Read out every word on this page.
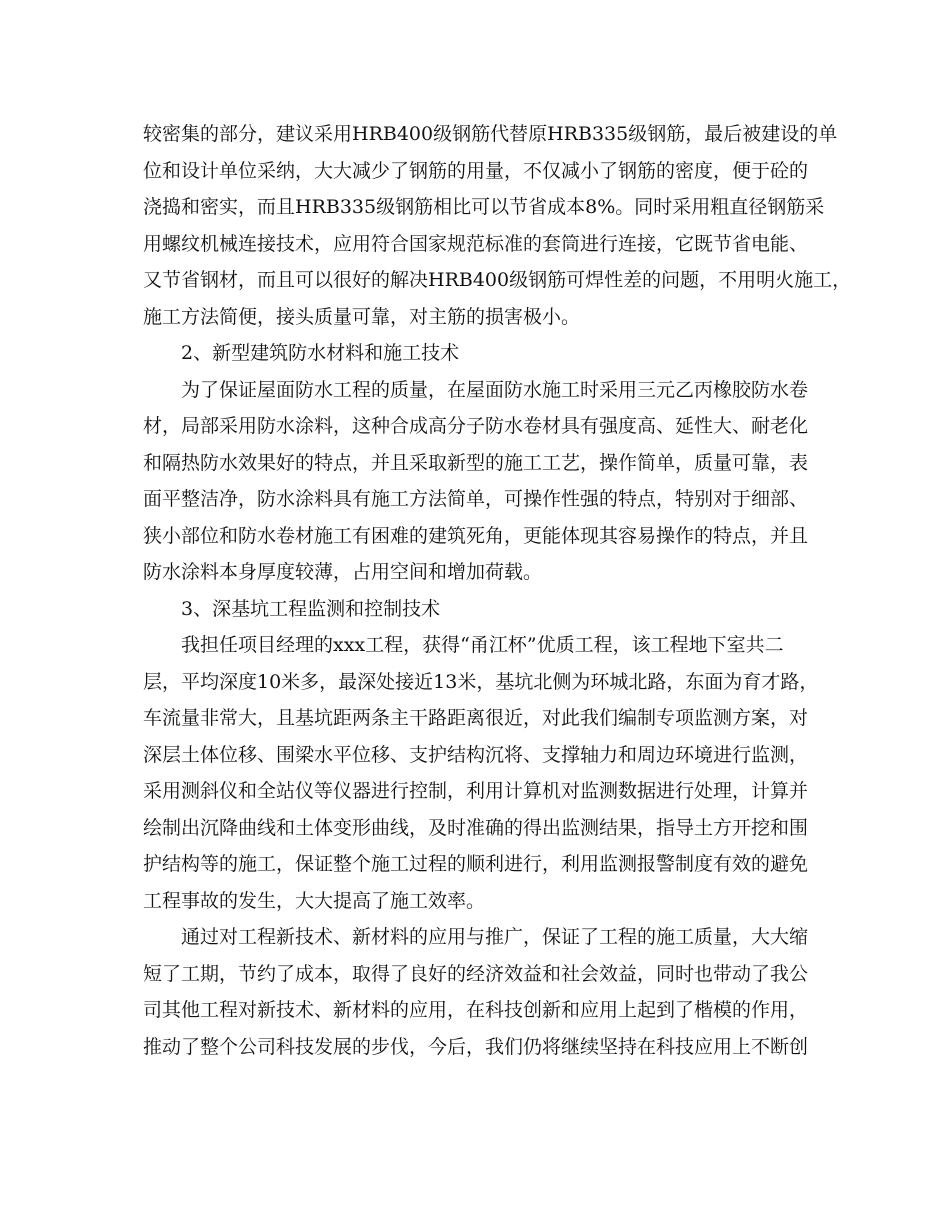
较密集的部分，建议采用HRB400级钢筋代替原HRB335级钢筋，最后被建设的单
位和设计单位采纳，大大减少了钢筋的用量，不仅减小了钢筋的密度，便于砼的
浇捣和密实，而且HRB335级钢筋相比可以节省成本8%。同时采用粗直径钢筋采
用螺纹机械连接技术，应用符合国家规范标准的套筒进行连接，它既节省电能、
又节省钢材，而且可以很好的解决HRB400级钢筋可焊性差的问题，不用明火施工，
施工方法简便，接头质量可靠，对主筋的损害极小。
2、新型建筑防水材料和施工技术
为了保证屋面防水工程的质量，在屋面防水施工时采用三元乙丙橡胶防水卷
材，局部采用防水涂料，这种合成高分子防水卷材具有强度高、延性大、耐老化
和隔热防水效果好的特点，并且采取新型的施工工艺，操作简单，质量可靠，表
面平整洁净，防水涂料具有施工方法简单，可操作性强的特点，特别对于细部、
狭小部位和防水卷材施工有困难的建筑死角，更能体现其容易操作的特点，并且
防水涂料本身厚度较薄，占用空间和增加荷载。
3、深基坑工程监测和控制技术
我担任项目经理的xxx工程，获得“甬江杯”优质工程，该工程地下室共二
层，平均深度10米多，最深处接近13米，基坑北侧为环城北路，东面为育才路，
车流量非常大，且基坑距两条主干路距离很近，对此我们编制专项监测方案，对
深层土体位移、围梁水平位移、支护结构沉将、支撑轴力和周边环境进行监测，
采用测斜仪和全站仪等仪器进行控制，利用计算机对监测数据进行处理，计算并
绘制出沉降曲线和土体变形曲线，及时准确的得出监测结果，指导土方开挖和围
护结构等的施工，保证整个施工过程的顺利进行，利用监测报警制度有效的避免
工程事故的发生，大大提高了施工效率。
通过对工程新技术、新材料的应用与推广，保证了工程的施工质量，大大缩
短了工期，节约了成本，取得了良好的经济效益和社会效益，同时也带动了我公
司其他工程对新技术、新材料的应用，在科技创新和应用上起到了楷模的作用，
推动了整个公司科技发展的步伐，今后，我们仍将继续坚持在科技应用上不断创
